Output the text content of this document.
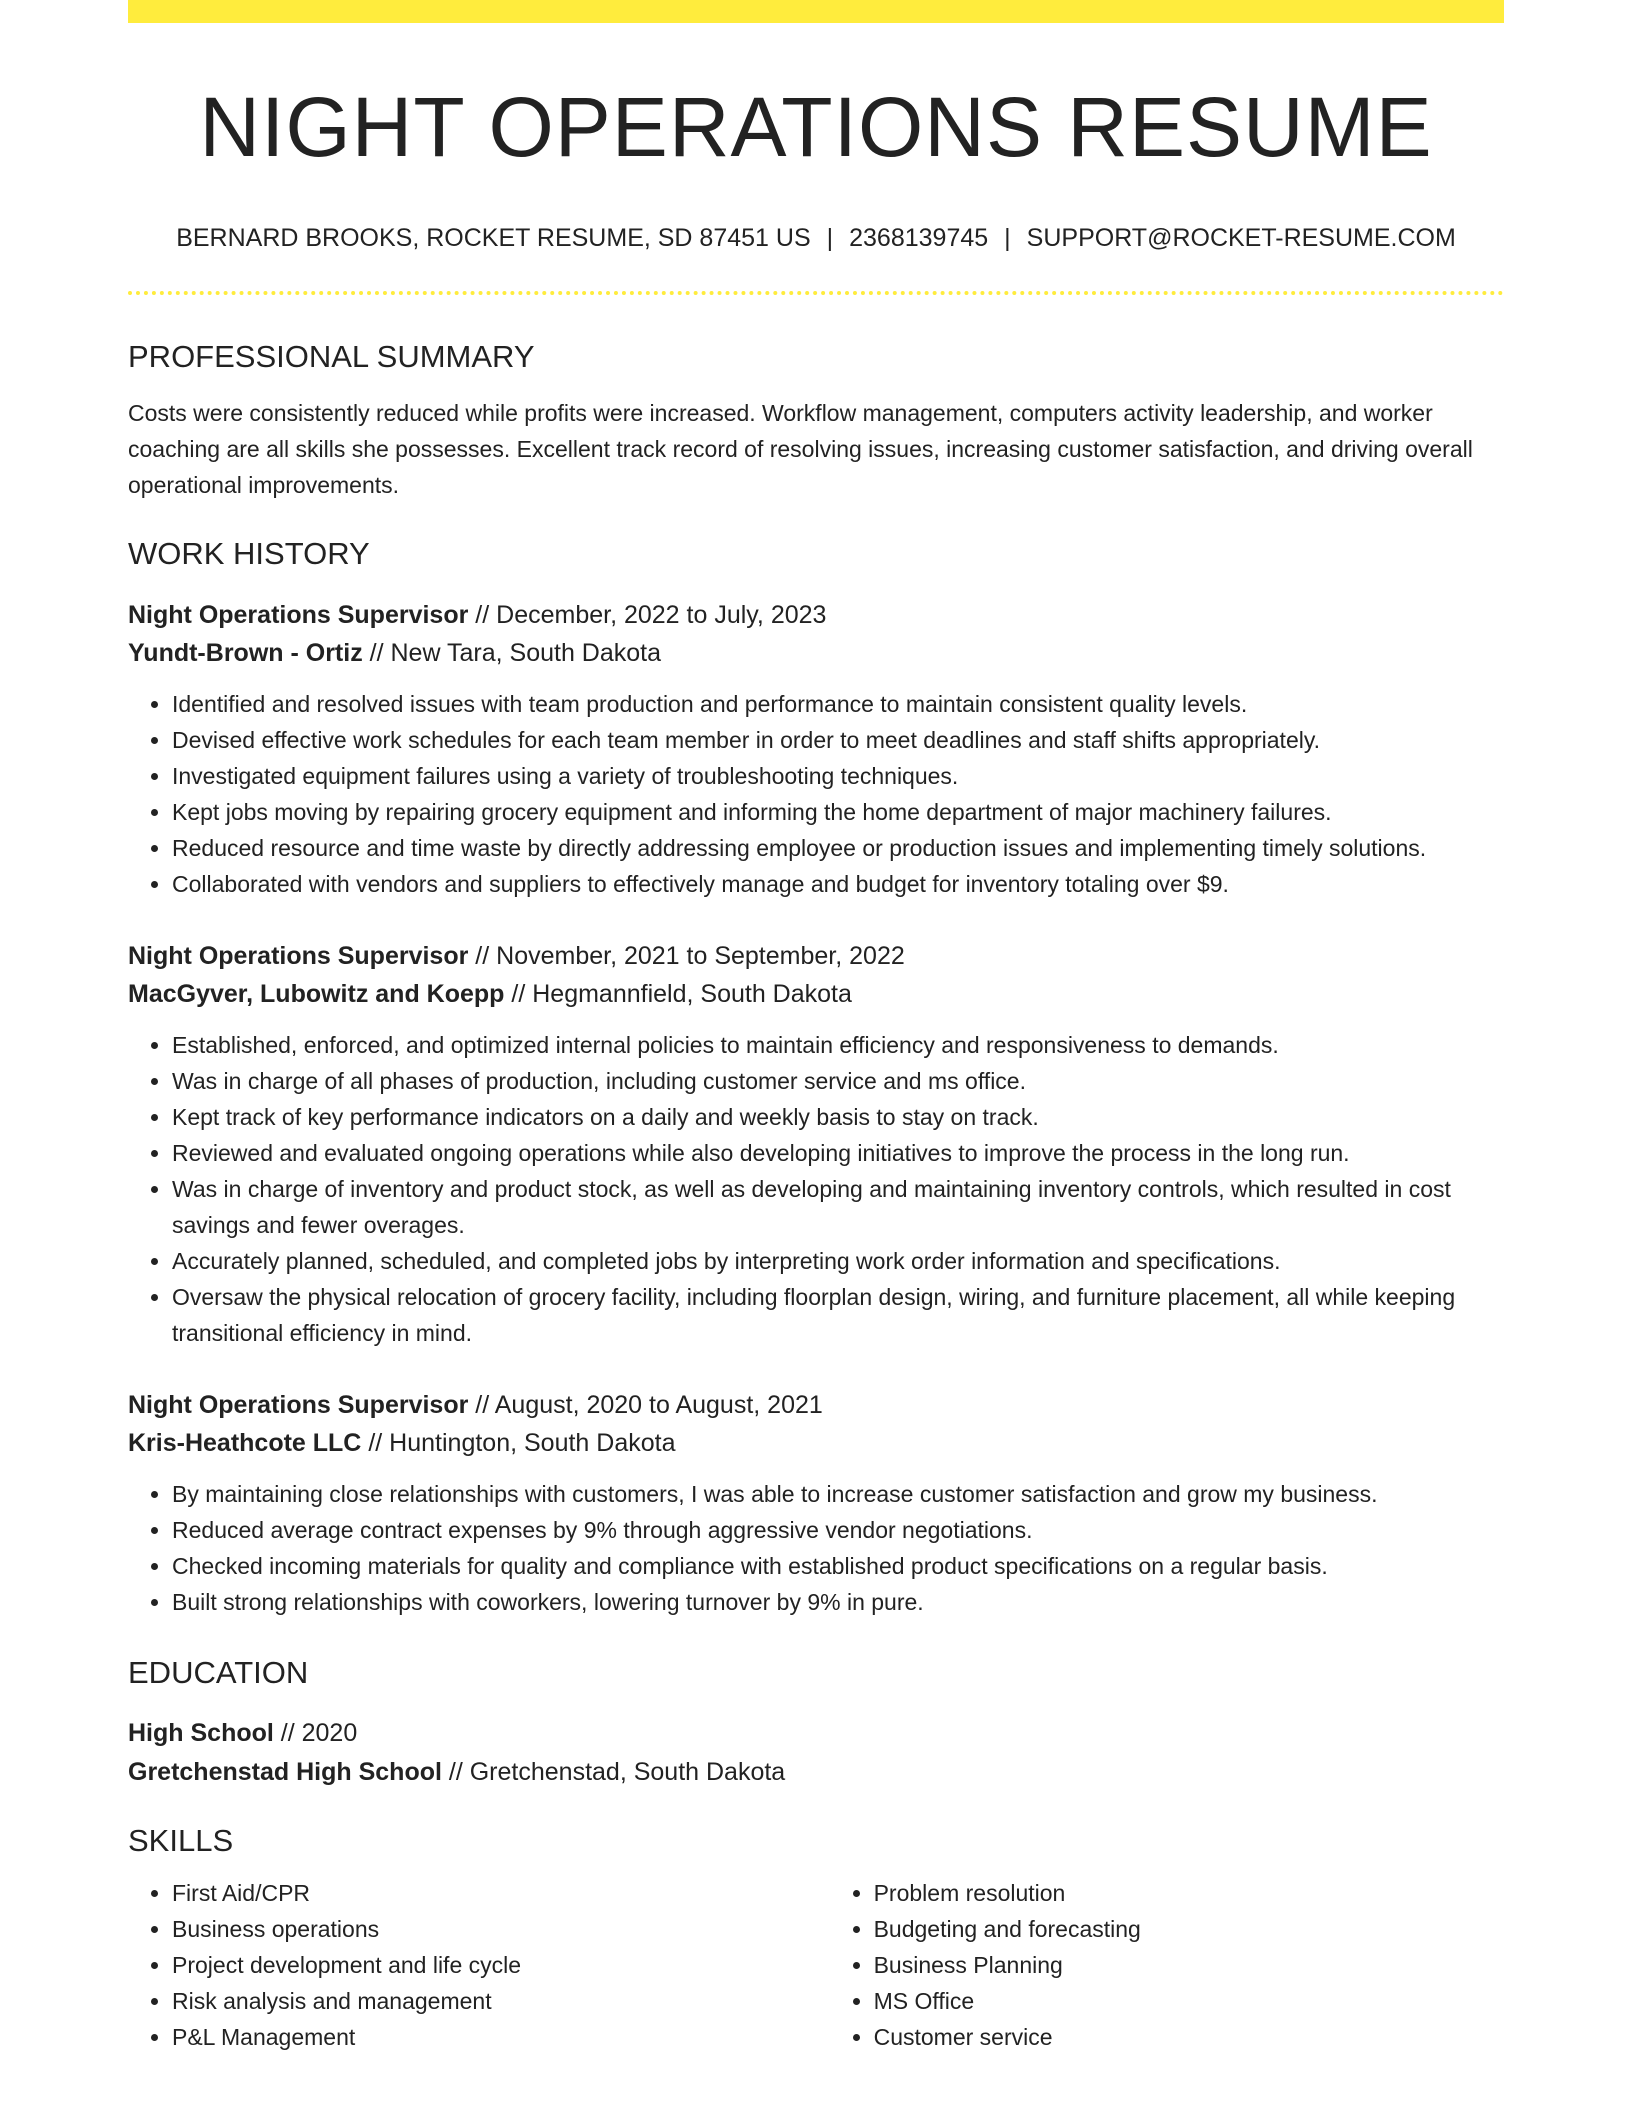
NIGHT OPERATIONS RESUME
BERNARD BROOKS, ROCKET RESUME, SD 87451 US | 2368139745 | SUPPORT@ROCKET-RESUME.COM
PROFESSIONAL SUMMARY

Costs were consistently reduced while profits were increased. Workflow management, computers activity leadership, and worker coaching are all skills she possesses. Excellent track record of resolving issues, increasing customer satisfaction, and driving overall operational improvements.

WORK HISTORY
Night Operations Supervisor // December, 2022 to July, 2023
Yundt-Brown - Ortiz // New Tara, South Dakota
• Identified and resolved issues with team production and performance to maintain consistent quality levels.
• Devised effective work schedules for each team member in order to meet deadlines and staff shifts appropriately.
• Investigated equipment failures using a variety of troubleshooting techniques.
• Kept jobs moving by repairing grocery equipment and informing the home department of major machinery failures.
• Reduced resource and time waste by directly addressing employee or production issues and implementing timely solutions.
• Collaborated with vendors and suppliers to effectively manage and budget for inventory totaling over $9.
Night Operations Supervisor // November, 2021 to September, 2022
MacGyver, Lubowitz and Koepp // Hegmannfield, South Dakota
• Established, enforced, and optimized internal policies to maintain efficiency and responsiveness to demands.
• Was in charge of all phases of production, including customer service and ms office.
• Kept track of key performance indicators on a daily and weekly basis to stay on track.
• Reviewed and evaluated ongoing operations while also developing initiatives to improve the process in the long run.
• Was in charge of inventory and product stock, as well as developing and maintaining inventory controls, which resulted in cost savings and fewer overages.
• Accurately planned, scheduled, and completed jobs by interpreting work order information and specifications.
• Oversaw the physical relocation of grocery facility, including floorplan design, wiring, and furniture placement, all while keeping transitional efficiency in mind.
Night Operations Supervisor // August, 2020 to August, 2021
Kris-Heathcote LLC // Huntington, South Dakota
• By maintaining close relationships with customers, I was able to increase customer satisfaction and grow my business.
• Reduced average contract expenses by 9% through aggressive vendor negotiations.
• Checked incoming materials for quality and compliance with established product specifications on a regular basis.
• Built strong relationships with coworkers, lowering turnover by 9% in pure.
EDUCATION
High School // 2020
Gretchenstad High School // Gretchenstad, South Dakota
SKILLS
• First Aid/CPR
• Business operations
• Project development and life cycle
• Risk analysis and management
• P&L Management
• Problem resolution
• Budgeting and forecasting
• Business Planning
• MS Office
• Customer service
